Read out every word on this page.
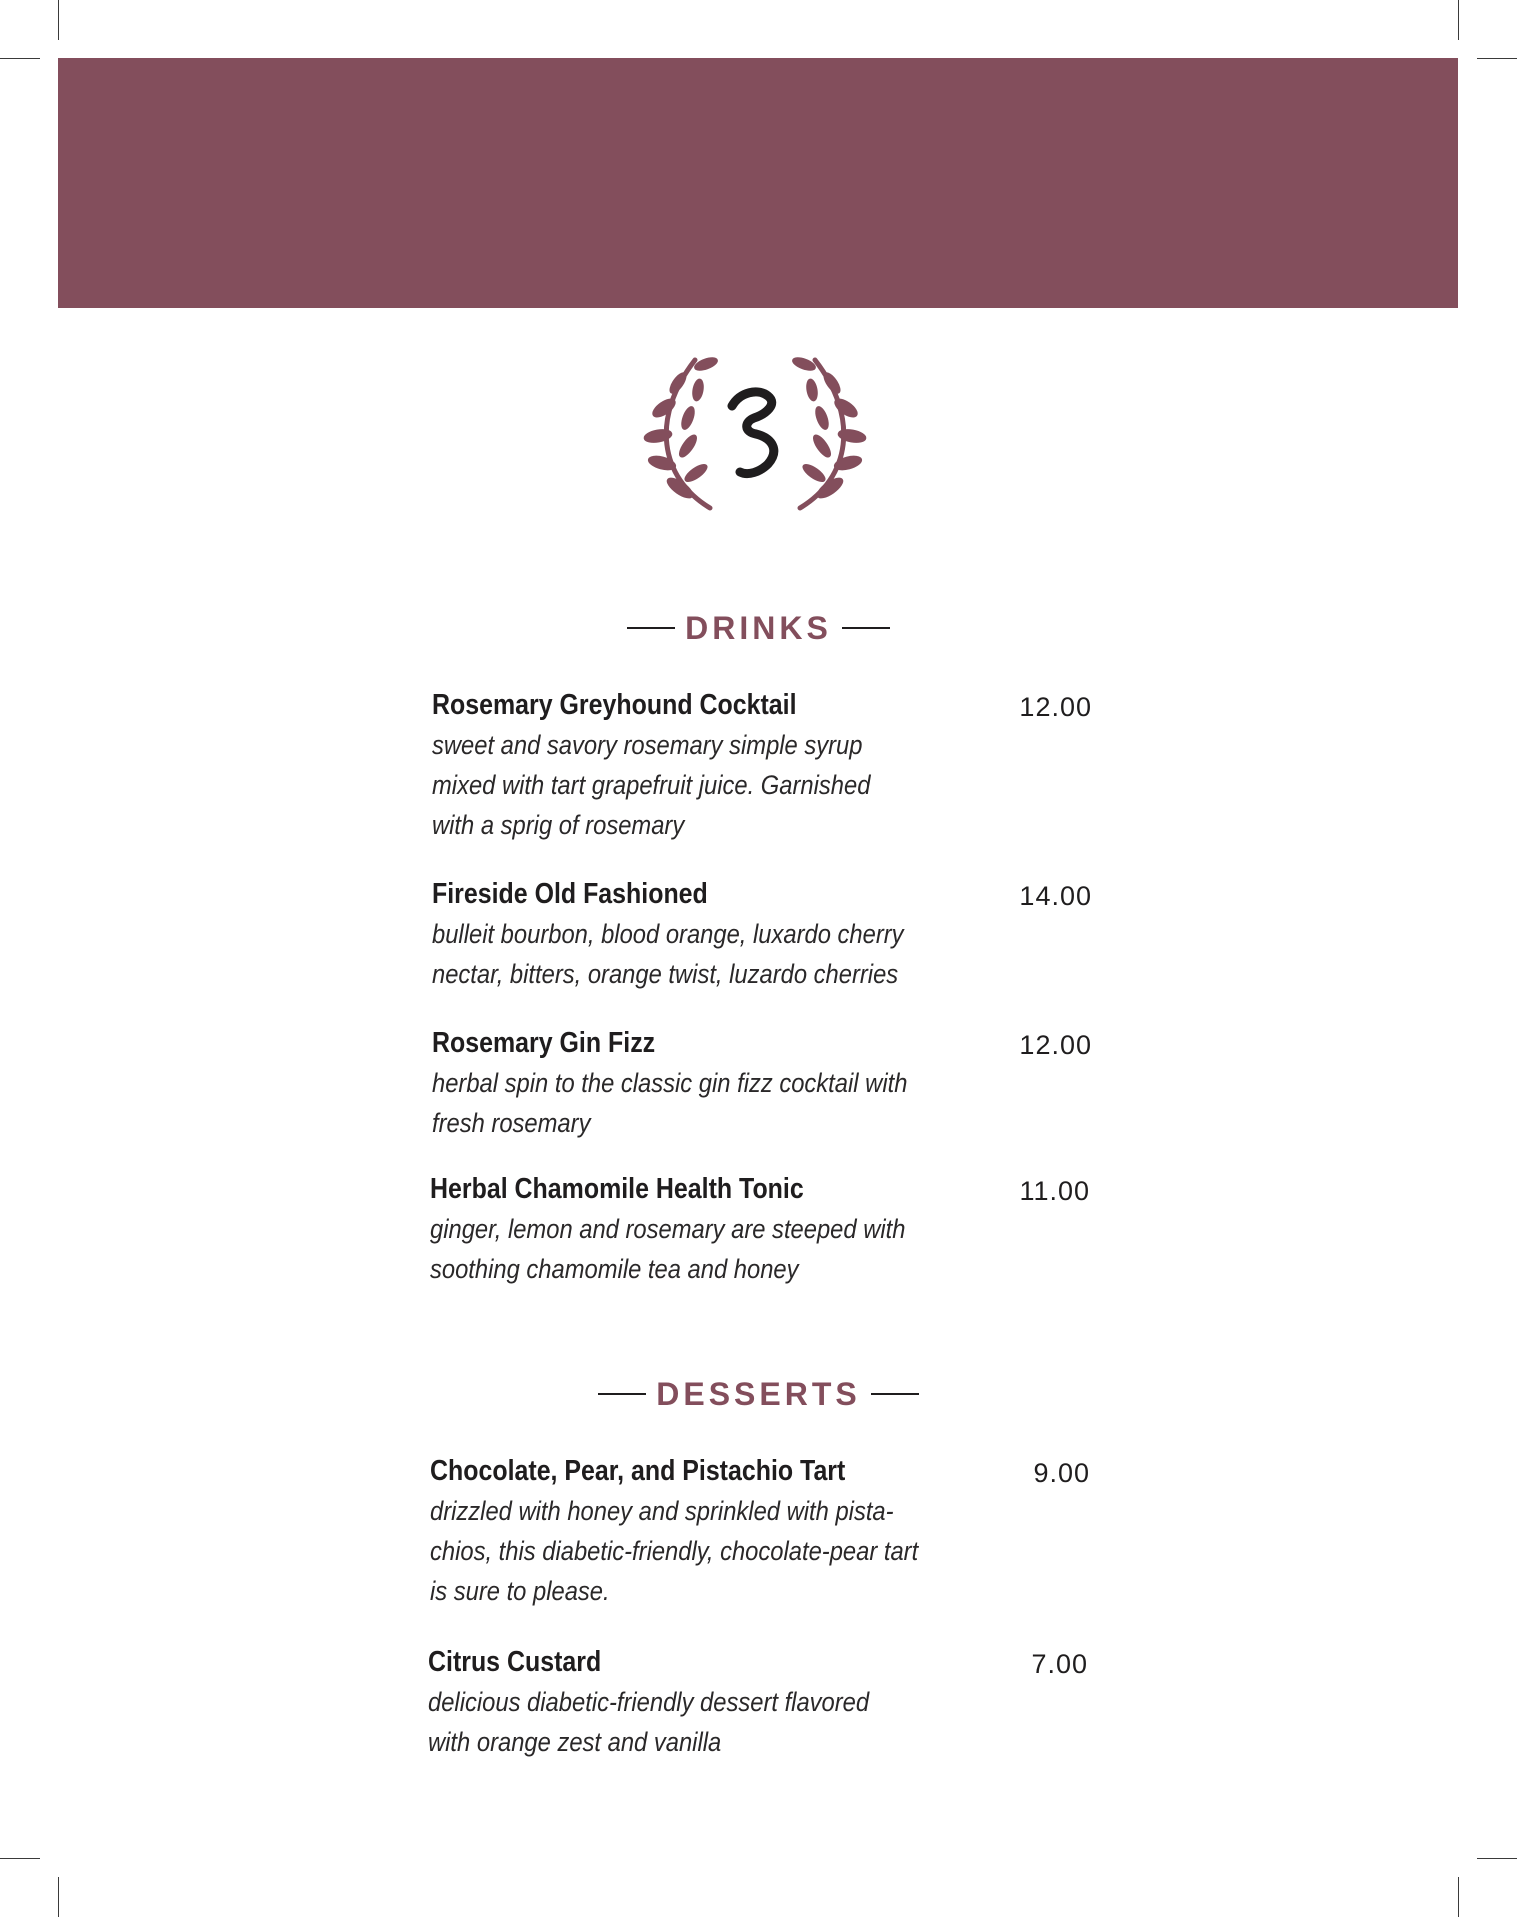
DRINKS
Rosemary Greyhound Cocktail
sweet and savory rosemary simple syrup
mixed with tart grapefruit juice. Garnished
with a sprig of rosemary
12.00
Fireside Old Fashioned
bulleit bourbon, blood orange, luxardo cherry
nectar, bitters, orange twist, luzardo cherries
14.00
Rosemary Gin Fizz
herbal spin to the classic gin fizz cocktail with
fresh rosemary
12.00
Herbal Chamomile Health Tonic
ginger, lemon and rosemary are steeped with
soothing chamomile tea and honey
11.00
DESSERTS
Chocolate, Pear, and Pistachio Tart
drizzled with honey and sprinkled with pista-
chios, this diabetic-friendly, chocolate-pear tart
is sure to please.
9.00
Citrus Custard
delicious diabetic-friendly dessert flavored
with orange zest and vanilla
7.00
